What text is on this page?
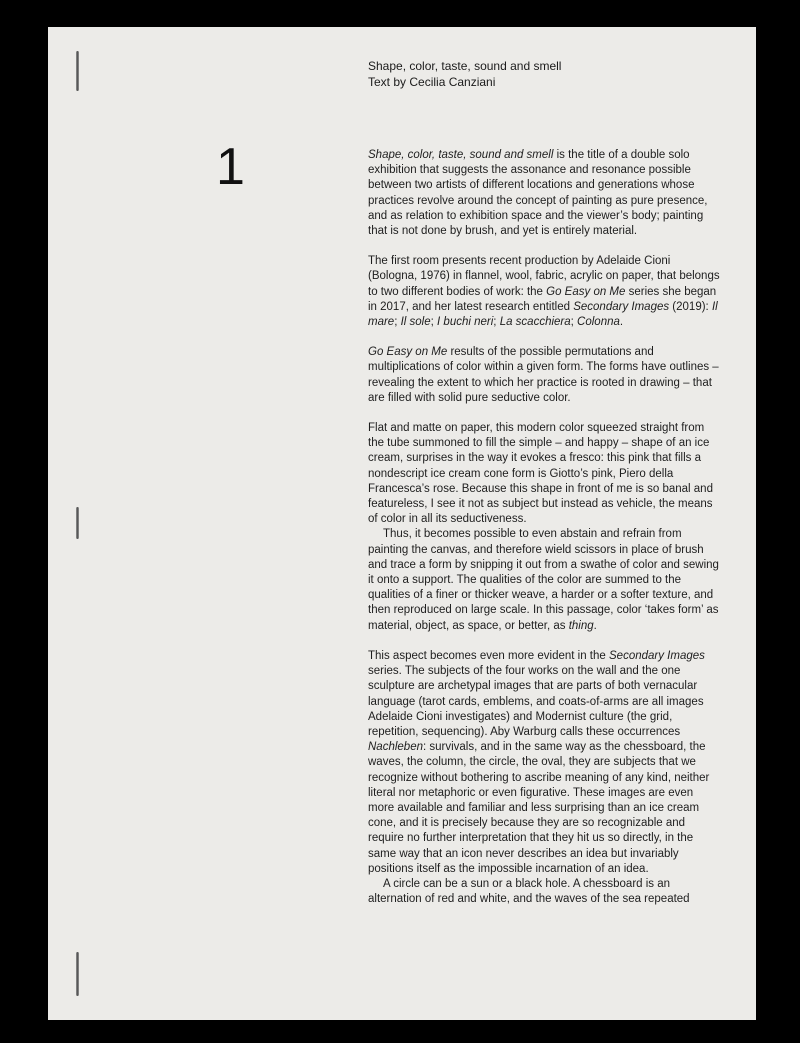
Shape, color, taste, sound and smell
Text by Cecilia Canziani
1	Shape, color, taste, sound and smell is the title of a double solo exhibition that suggests the assonance and resonance possible between two artists of different locations and generations whose practices revolve around the concept of painting as pure presence, and as relation to exhibition space and the viewer’s body; painting that is not done by brush, and yet is entirely material.

The first room presents recent production by Adelaide Cioni (Bologna, 1976) in flannel, wool, fabric, acrylic on paper, that belongs to two different bodies of work: the Go Easy on Me series she began in 2017, and her latest research entitled Secondary Images (2019): Il mare; Il sole; I buchi neri; La scacchiera; Colonna.

Go Easy on Me results of the possible permutations and multiplications of color within a given form. The forms have outlines – revealing the extent to which her practice is rooted in drawing – that are filled with solid pure seductive color.

Flat and matte on paper, this modern color squeezed straight from the tube summoned to fill the simple – and happy – shape of an ice cream, surprises in the way it evokes a fresco: this pink that fills a nondescript ice cream cone form is Giotto’s pink, Piero della Francesca’s rose. Because this shape in front of me is so banal and featureless, I see it not as subject but instead as vehicle, the means of color in all its seductiveness.

Thus, it becomes possible to even abstain and refrain from painting the canvas, and therefore wield scissors in place of brush and trace a form by snipping it out from a swathe of color and sewing it onto a support. The qualities of the color are summed to the qualities of a finer or thicker weave, a harder or a softer texture, and then reproduced on large scale. In this passage, color ‘takes form’ as material, object, as space, or better, as thing.

This aspect becomes even more evident in the Secondary Images series. The subjects of the four works on the wall and the one sculpture are archetypal images that are parts of both vernacular language (tarot cards, emblems, and coats-of-arms are all images Adelaide Cioni investigates) and Modernist culture (the grid, repetition, sequencing). Aby Warburg calls these occurrences Nachleben: survivals, and in the same way as the chessboard, the waves, the column, the circle, the oval, they are subjects that we recognize without bothering to ascribe meaning of any kind, neither literal nor metaphoric or even figurative. These images are even more available and familiar and less surprising than an ice cream cone, and it is precisely because they are so recognizable and require no further interpretation that they hit us so directly, in the same way that an icon never describes an idea but invariably positions itself as the impossible incarnation of an idea.

A circle can be a sun or a black hole. A chessboard is an alternation of red and white, and the waves of the sea repeated
